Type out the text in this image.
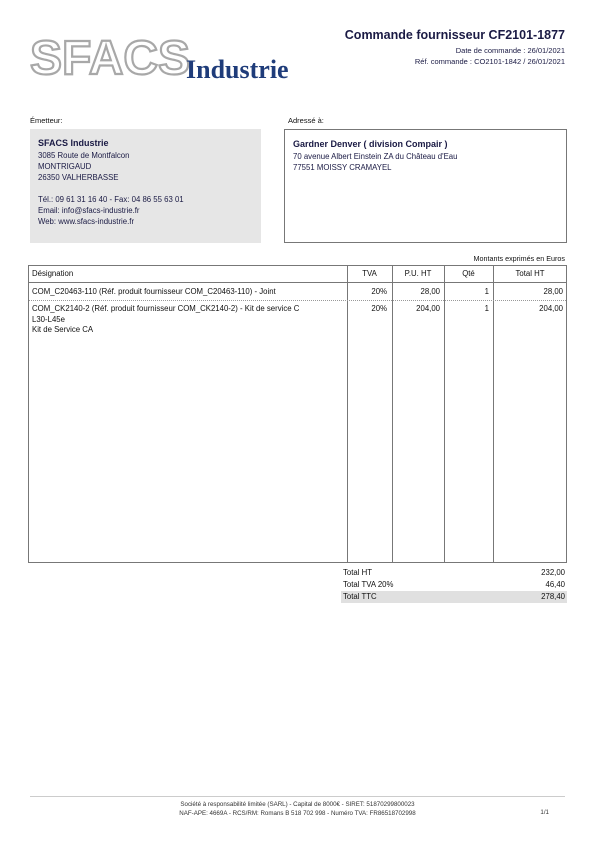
SFACS
Industrie
Commande fournisseur CF2101-1877
Date de commande : 26/01/2021
Réf. commande : CO2101-1842 / 26/01/2021
Émetteur:	Adressé à:
SFACS Industrie
3085 Route de Montfalcon
MONTRIGAUD
26350 VALHERBASSE
Tél.: 09 61 31 16 40 - Fax: 04 86 55 63 01
Email: info@sfacs-industrie.fr
Web: www.sfacs-industrie.fr
Gardner Denver ( division Compair )
70 avenue Albert Einstein ZA du Château d'Eau
77551 MOISSY CRAMAYEL
Montants exprimés en Euros
Désignation	TVA	P.U. HT	Qté	Total HT
COM_C20463-110 (Réf. produit fournisseur COM_C20463-110) - Joint	20%	28,00	1	28,00
COM_CK2140-2 (Réf. produit fournisseur COM_CK2140-2) - Kit de service C
L30-L45e
Kit de Service CA
20%	204,00	1	204,00
Total HT	232,00
Total TVA 20%	46,40
Total TTC	278,40
Société à responsabilité limitée (SARL) - Capital de 8000€ - SIRET: 51870299800023
NAF-APE: 4669A - RCS/RM: Romans B 518 702 998 - Numéro TVA: FR86518702998	1/1
